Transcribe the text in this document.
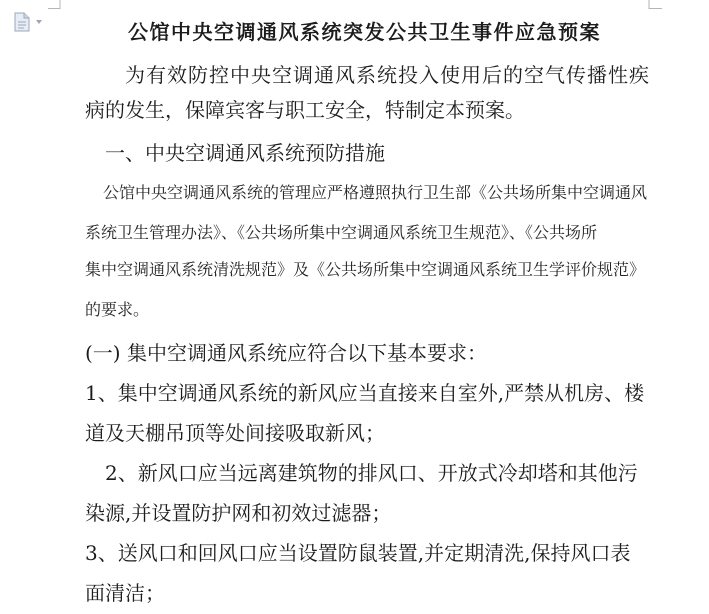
公馆中央空调通风系统突发公共卫生事件应急预案
为有效防控中央空调通风系统投入使用后的空气传播性疾
病的发生，保障宾客与职工安全，特制定本预案。
一、中央空调通风系统预防措施
公馆中央空调通风系统的管理应严格遵照执行卫生部《公共场所集中空调通风
系统卫生管理办法》、《公共场所集中空调通风系统卫生规范》、《公共场所
集中空调通风系统清洗规范》及《公共场所集中空调通风系统卫生学评价规范》
的要求。
(一) 集中空调通风系统应符合以下基本要求：
1、集中空调通风系统的新风应当直接来自室外,严禁从机房、楼
道及天棚吊顶等处间接吸取新风；
2、新风口应当远离建筑物的排风口、开放式冷却塔和其他污
染源,并设置防护网和初效过滤器；
3、送风口和回风口应当设置防鼠装置,并定期清洗,保持风口表
面清洁；
